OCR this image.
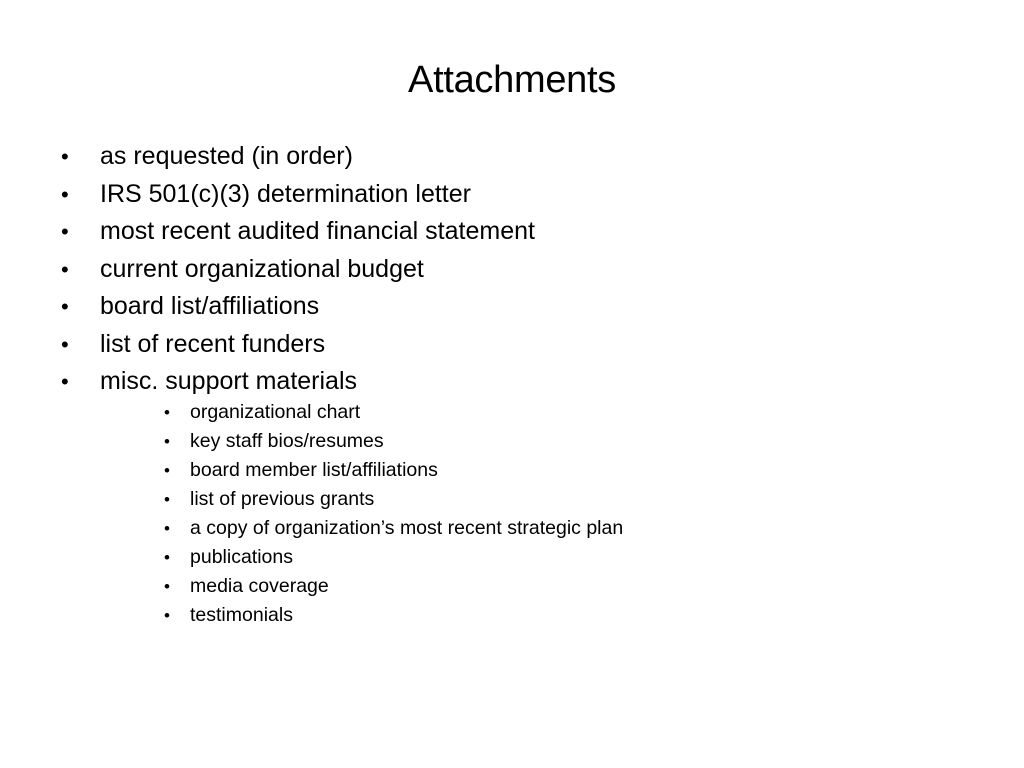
Attachments
•	as requested (in order)
•	IRS 501(c)(3) determination letter
•	most recent audited financial statement
•	current organizational budget
•	board list/affiliations
•	list of recent funders
•	misc. support materials
•	organizational chart
•	key staff bios/resumes
•	board member list/affiliations
•	list of previous grants
•	a copy of organization’s most recent strategic plan
•	publications
•	media coverage
•	testimonials
